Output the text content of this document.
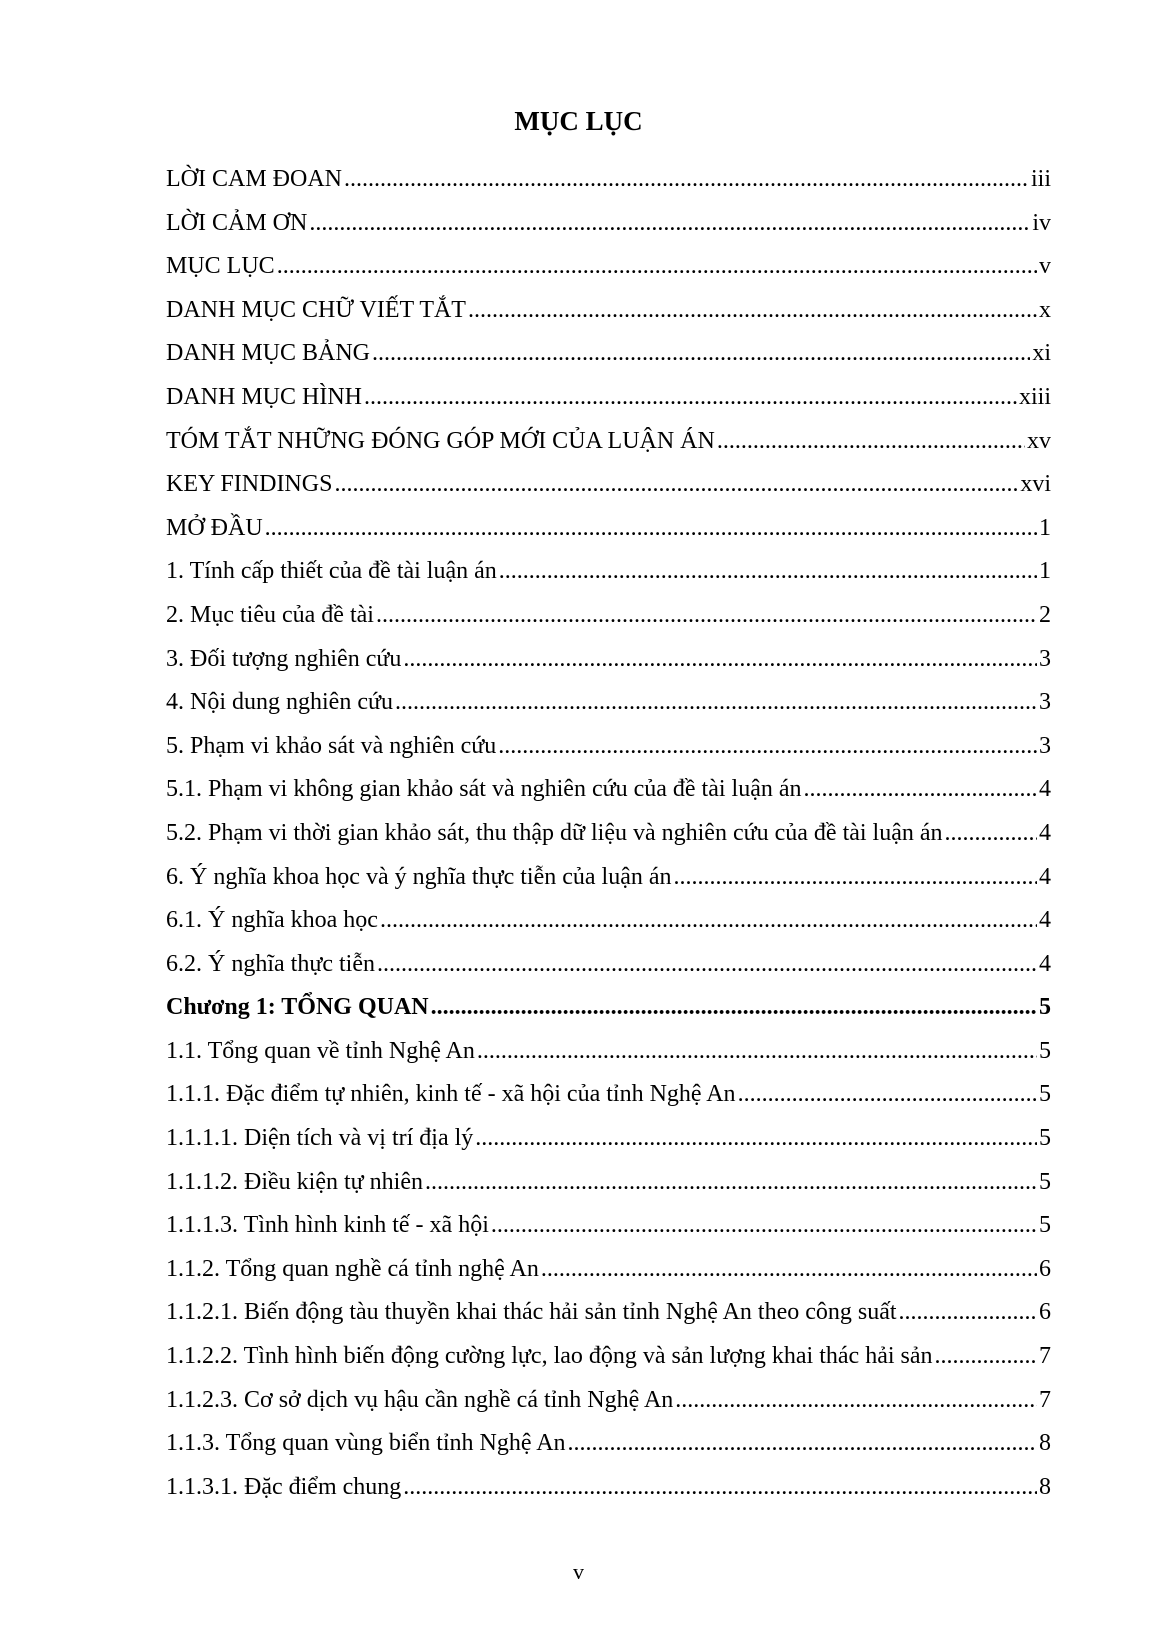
MỤC LỤC
LỜI CAM ĐOAN .....	iii
LỜI CẢM ƠN .....	iv
MỤC LỤC .....	v
DANH MỤC CHỮ VIẾT TẮT .....	x
DANH MỤC BẢNG .....	xi
DANH MỤC HÌNH .....	xiii
TÓM TẮT NHỮNG ĐÓNG GÓP MỚI CỦA LUẬN ÁN .....	xv
KEY FINDINGS .....	xvi
MỞ ĐẦU .....	1
1. Tính cấp thiết của đề tài luận án .....	1
2. Mục tiêu của đề tài .....	2
3. Đối tượng nghiên cứu .....	3
4. Nội dung nghiên cứu .....	3
5. Phạm vi khảo sát và nghiên cứu .....	3
5.1. Phạm vi không gian khảo sát và nghiên cứu của đề tài luận án .....	4
5.2. Phạm vi thời gian khảo sát, thu thập dữ liệu và nghiên cứu của đề tài luận án .....	4
6. Ý nghĩa khoa học và ý nghĩa thực tiễn của luận án .....	4
6.1. Ý nghĩa khoa học .....	4
6.2. Ý nghĩa thực tiễn .....	4
Chương 1: TỔNG QUAN .....	5
1.1. Tổng quan về tỉnh Nghệ An .....	5
1.1.1. Đặc điểm tự nhiên, kinh tế - xã hội của tỉnh Nghệ An .....	5
1.1.1.1. Diện tích và vị trí địa lý .....	5
1.1.1.2. Điều kiện tự nhiên .....	5
1.1.1.3. Tình hình kinh tế - xã hội .....	5
1.1.2. Tổng quan nghề cá tỉnh nghệ An .....	6
1.1.2.1. Biến động tàu thuyền khai thác hải sản tỉnh Nghệ An theo công suất .....	6
1.1.2.2. Tình hình biến động cường lực, lao động và sản lượng khai thác hải sản .....	7
1.1.2.3. Cơ sở dịch vụ hậu cần nghề cá tỉnh Nghệ An .....	7
1.1.3. Tổng quan vùng biển tỉnh Nghệ An .....	8
1.1.3.1. Đặc điểm chung .....	8
v
